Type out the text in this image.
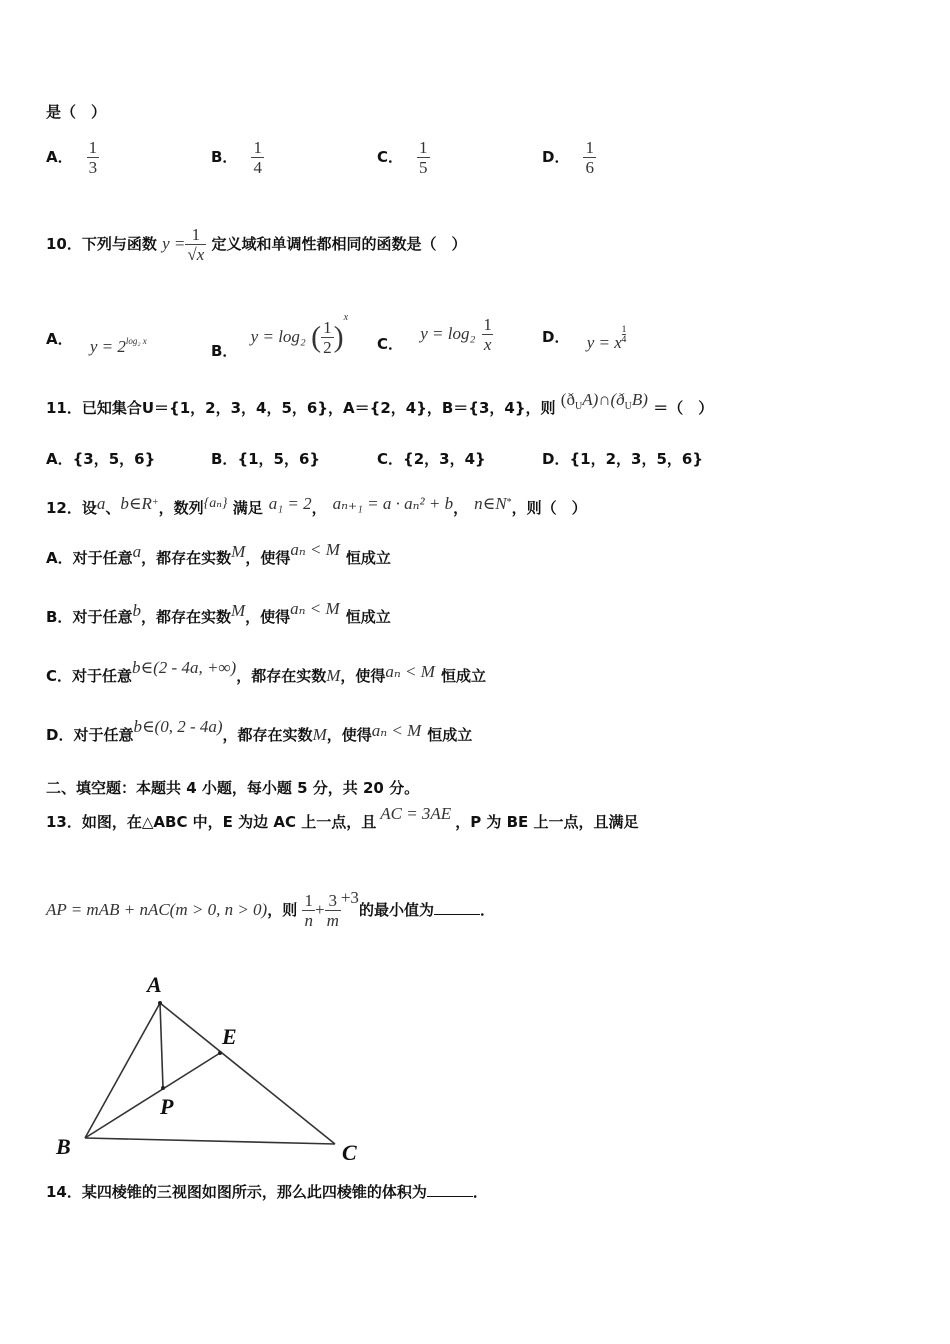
是（　）
A． $\frac{1}{3}$	B． $\frac{1}{4}$	C． $\frac{1}{5}$	D． $\frac{1}{6}$
10．下列与函数 $y = \frac{1}{√x}$ 定义域和单调性都相同的函数是（　）
A． $y = 2^{log_2 x}$
B． y = log₂ ( $\frac{1}{2} )^x$
C． $y = \log_2 \frac{1}{x}$	D． y = x $\frac{1}{4}$
11．已知集合U＝{1，2，3，4，5，6}，A＝{2，4}，B＝{3，4}，则 $(ð_UA)\cap(ð_UB)$ ＝（　）
A．{3，5，6}	B．{1，5，6}	C．{2，3，4}	D．{1，2，3，5，6}
12．设a、b∈R+，数列{aₙ} 满足 a₁ = 2， aₙ₊₁ = a · aₙ² + b， n∈N*，则（　）
A．对于任意a，都存在实数M，使得aₙ < M 恒成立
B．对于任意b，都存在实数M，使得aₙ < M 恒成立
C．对于任意b∈(2 - 4a, +∞)，都存在实数M，使得aₙ < M 恒成立
D．对于任意b∈(0, 2 - 4a)，都存在实数M，使得aₙ < M 恒成立
二、填空题：本题共 4 小题，每小题 5 分，共 20 分。
13．如图，在△ABC 中，E 为边 AC 上一点，且 AC = 3AE ，P 为 BE 上一点，且满足
AP = mAB + nAC(m > 0, n > 0)，则 $\frac{1}{n} + \frac{3}{m} +3$的最小值为	．
A
E
P
B	C
14．某四棱锥的三视图如图所示，那么此四棱锥的体积为	．
